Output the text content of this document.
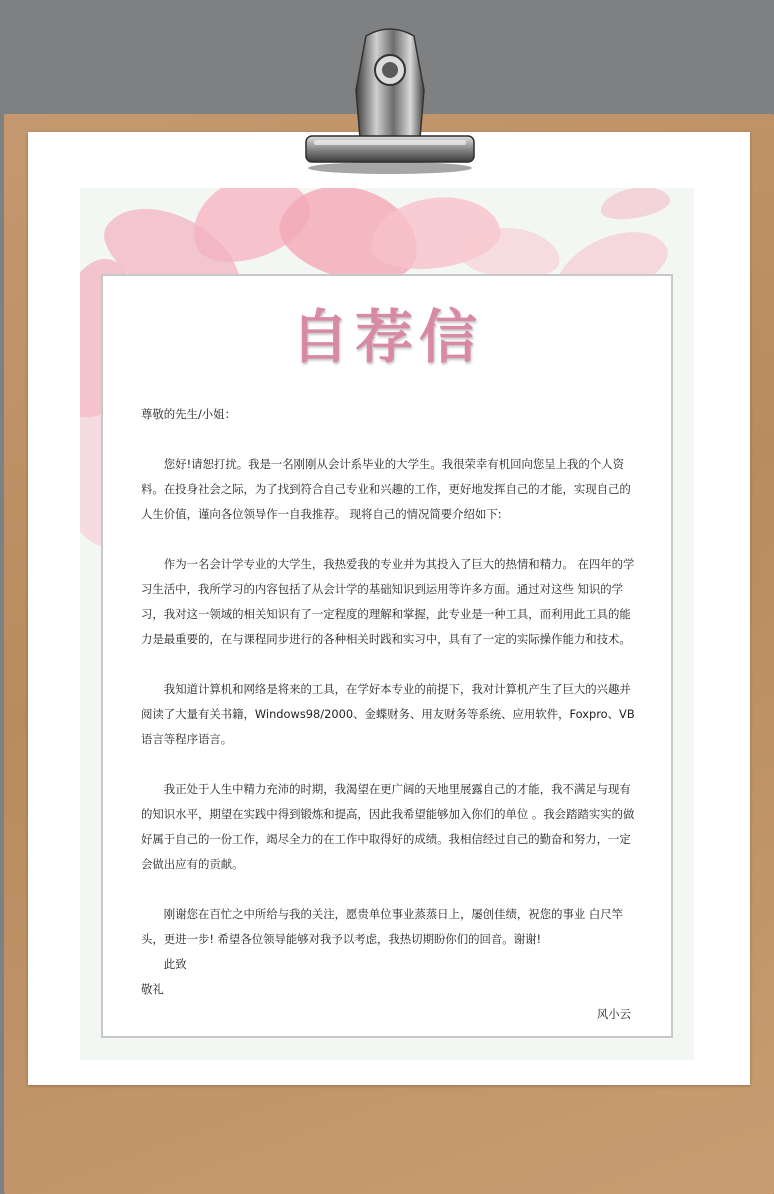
自荐信

尊敬的先生/小姐：

您好!请恕打扰。我是一名刚刚从会计系毕业的大学生。我很荣幸有机回向您呈上我的个人资料。在投身社会之际，为了找到符合自己专业和兴趣的工作，更好地发挥自己的才能，实现自己的人生价值，谨向各位领导作一自我推荐。 现将自己的情况简要介绍如下:

作为一名会计学专业的大学生，我热爱我的专业并为其投入了巨大的热情和精力。 在四年的学习生活中，我所学习的内容包括了从会计学的基础知识到运用等许多方面。通过对这些 知识的学习，我对这一领域的相关知识有了一定程度的理解和掌握，此专业是一种工具，而利用此工具的能力是最重要的，在与课程同步进行的各种相关时践和实习中，具有了一定的实际操作能力和技术。

我知道计算机和网络是将来的工具，在学好本专业的前提下，我对计算机产生了巨大的兴趣并阅读了大量有关书籍，Windows98/2000、金蝶财务、用友财务等系统、应用软件，Foxpro、VB 语言等程序语言。

我正处于人生中精力充沛的时期，我渴望在更广阔的天地里展露自己的才能，我不满足与现有的知识水平，期望在实践中得到锻炼和提高，因此我希望能够加入你们的单位 。我会踏踏实实的做好属于自己的一份工作，竭尽全力的在工作中取得好的成绩。我相信经过自己的勤奋和努力，一定会做出应有的贡献。

刚谢您在百忙之中所给与我的关注，愿贵单位事业蒸蒸日上，屡创佳绩，祝您的事业 白尺竿头，更进一步! 希望各位领导能够对我予以考虑，我热切期盼你们的回音。谢谢!

此致

敬礼

风小云
